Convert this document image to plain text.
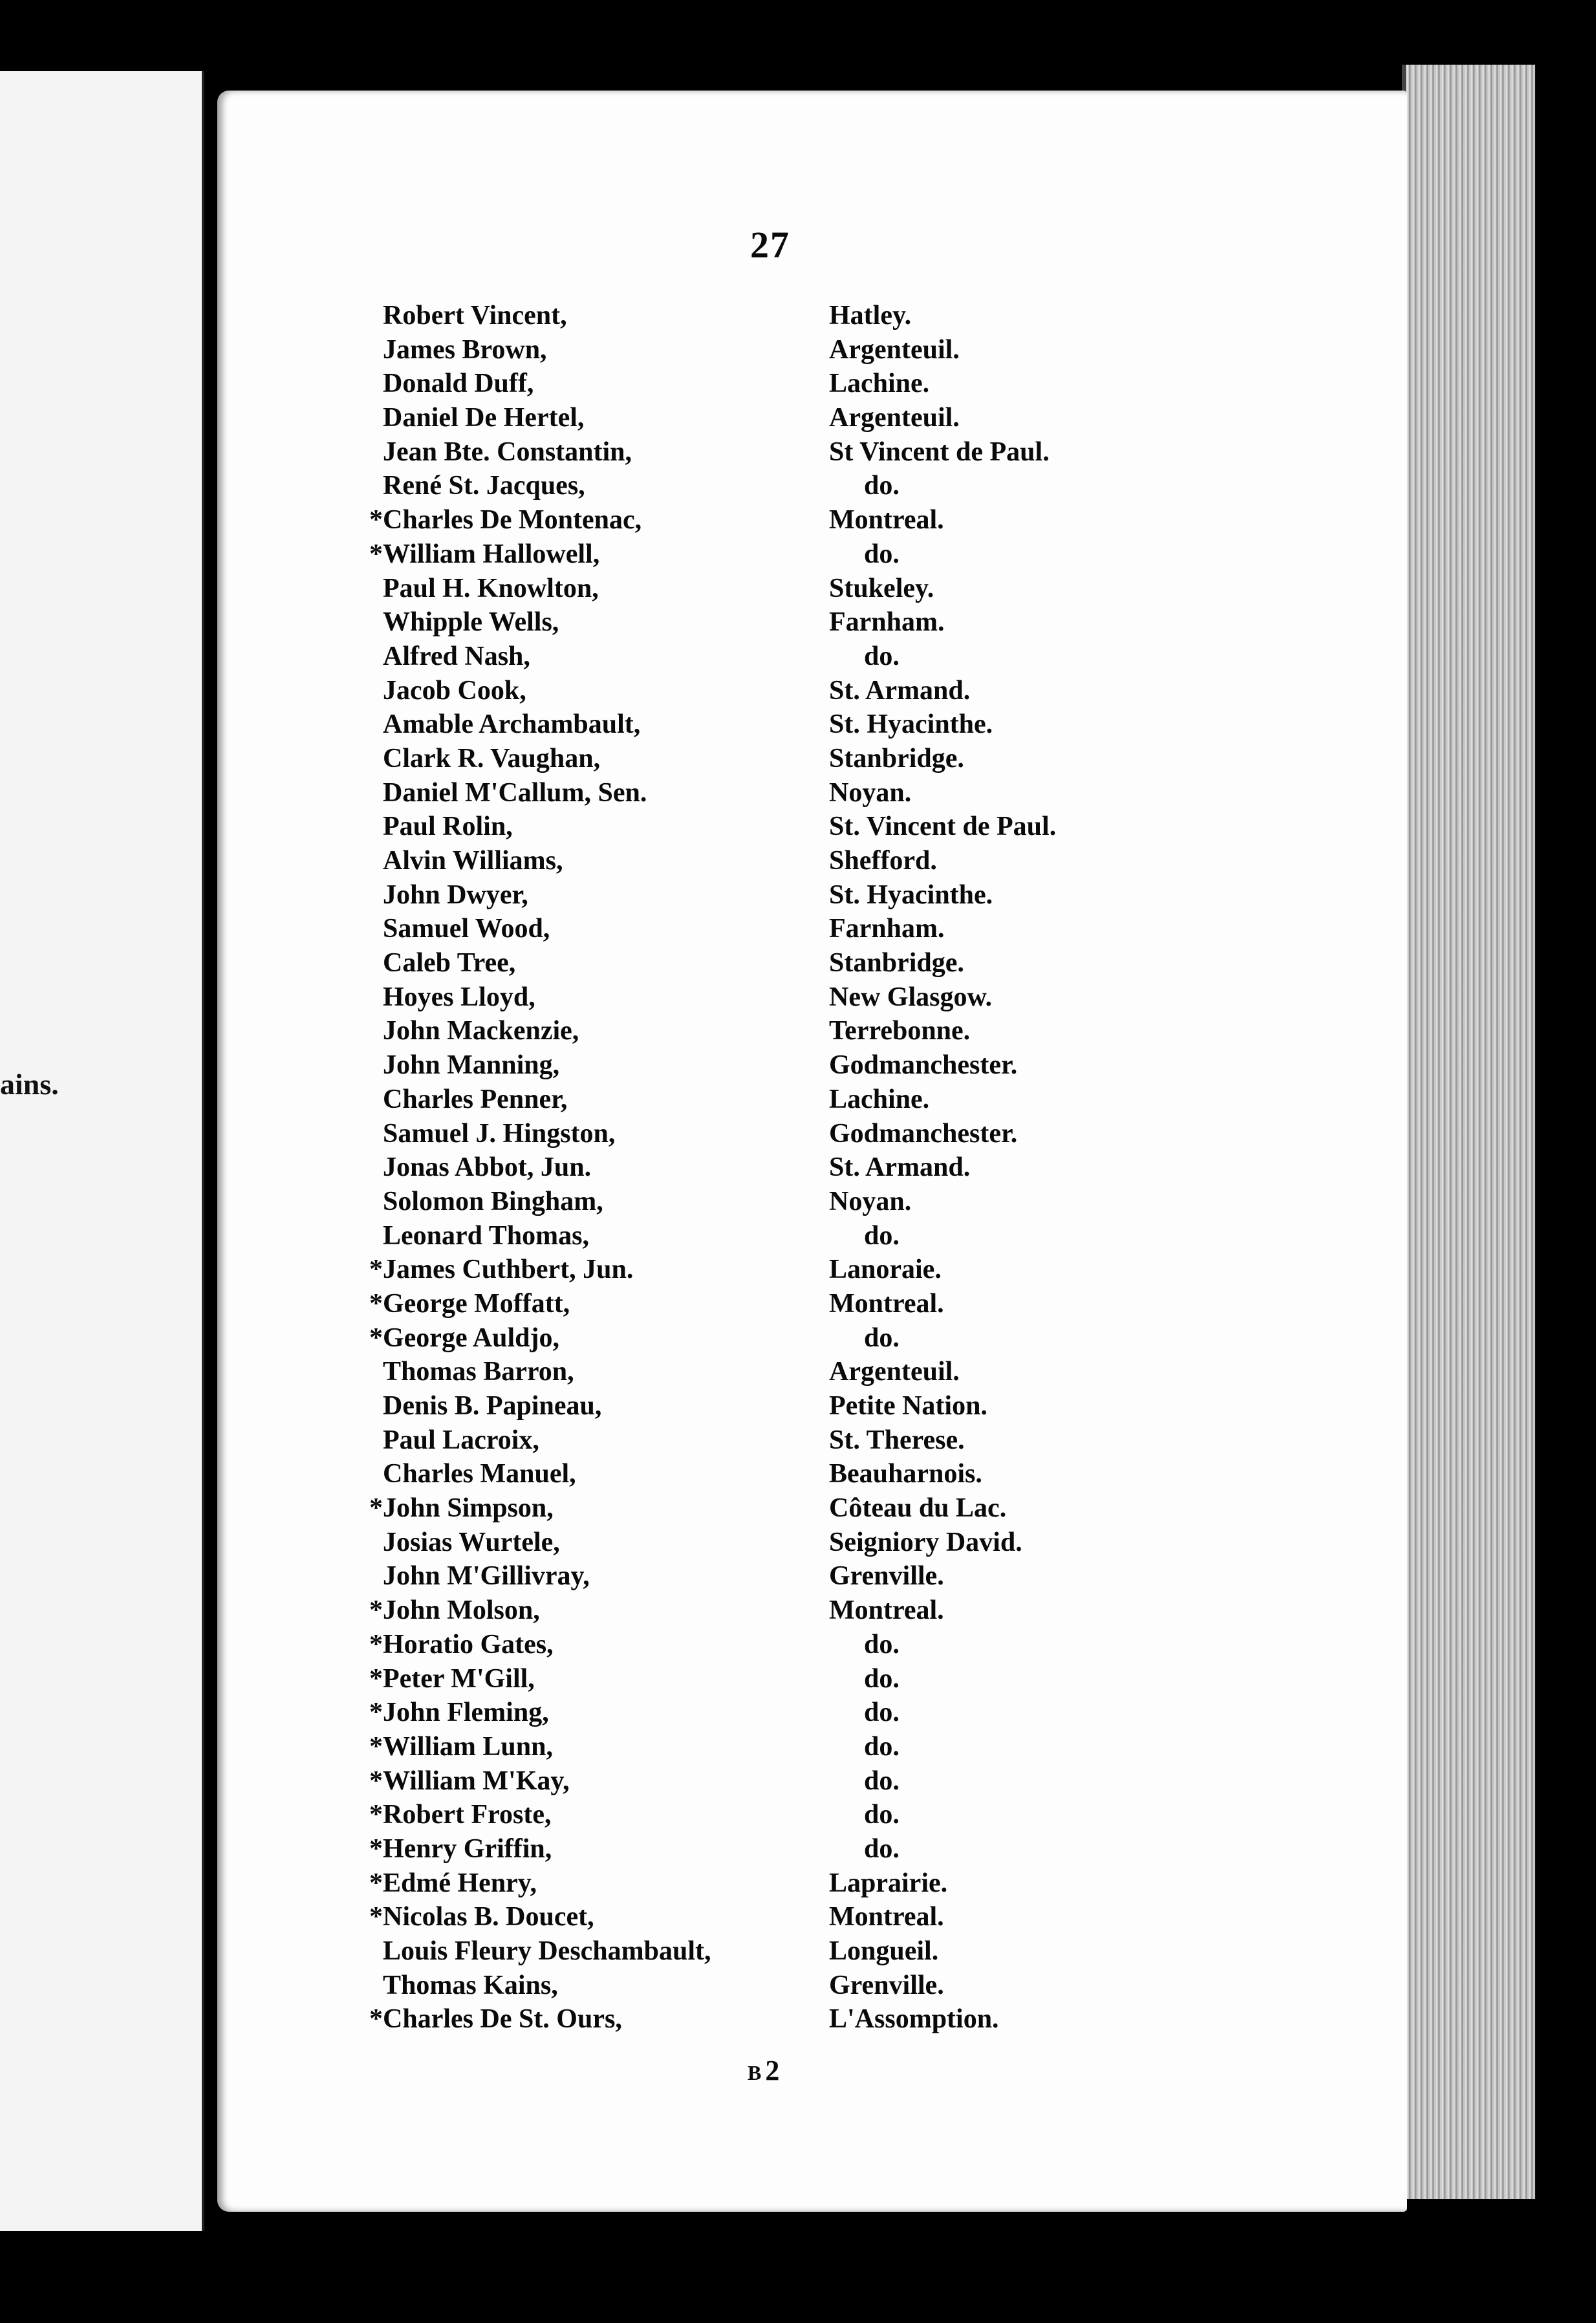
ains.
27
Robert Vincent,	Hatley.
James Brown,	Argenteuil.
Donald Duff,	Lachine.
Daniel De Hertel,	Argenteuil.
Jean Bte. Constantin,	St Vincent de Paul.
René St. Jacques,	do.
* Charles De Montenac,	Montreal.
* William Hallowell,	do.
Paul H. Knowlton,	Stukeley.
Whipple Wells,	Farnham.
Alfred Nash,	do.
Jacob Cook,	St. Armand.
Amable Archambault,	St. Hyacinthe.
Clark R. Vaughan,	Stanbridge.
Daniel M'Callum, Sen.	Noyan.
Paul Rolin,	St. Vincent de Paul.
Alvin Williams,	Shefford.
John Dwyer,	St. Hyacinthe.
Samuel Wood,	Farnham.
Caleb Tree,	Stanbridge.
Hoyes Lloyd,	New Glasgow.
John Mackenzie,	Terrebonne.
John Manning,	Godmanchester.
Charles Penner,	Lachine.
Samuel J. Hingston,	Godmanchester.
Jonas Abbot, Jun.	St. Armand.
Solomon Bingham,	Noyan.
Leonard Thomas,	do.
* James Cuthbert, Jun.	Lanoraie.
* George Moffatt,	Montreal.
* George Auldjo,	do.
Thomas Barron,	Argenteuil.
Denis B. Papineau,	Petite Nation.
Paul Lacroix,	St. Therese.
Charles Manuel,	Beauharnois.
* John Simpson,	Côteau du Lac.
Josias Wurtele,	Seigniory David.
John M'Gillivray,	Grenville.
* John Molson,	Montreal.
* Horatio Gates,	do.
* Peter M'Gill,	do.
* John Fleming,	do.
* William Lunn,	do.
* William M'Kay,	do.
* Robert Froste,	do.
* Henry Griffin,	do.
* Edmé Henry,	Laprairie.
* Nicolas B. Doucet,	Montreal.
Louis Fleury Deschambault,	Longueil.
Thomas Kains,	Grenville.
* Charles De St. Ours,	L'Assomption.
B 2
